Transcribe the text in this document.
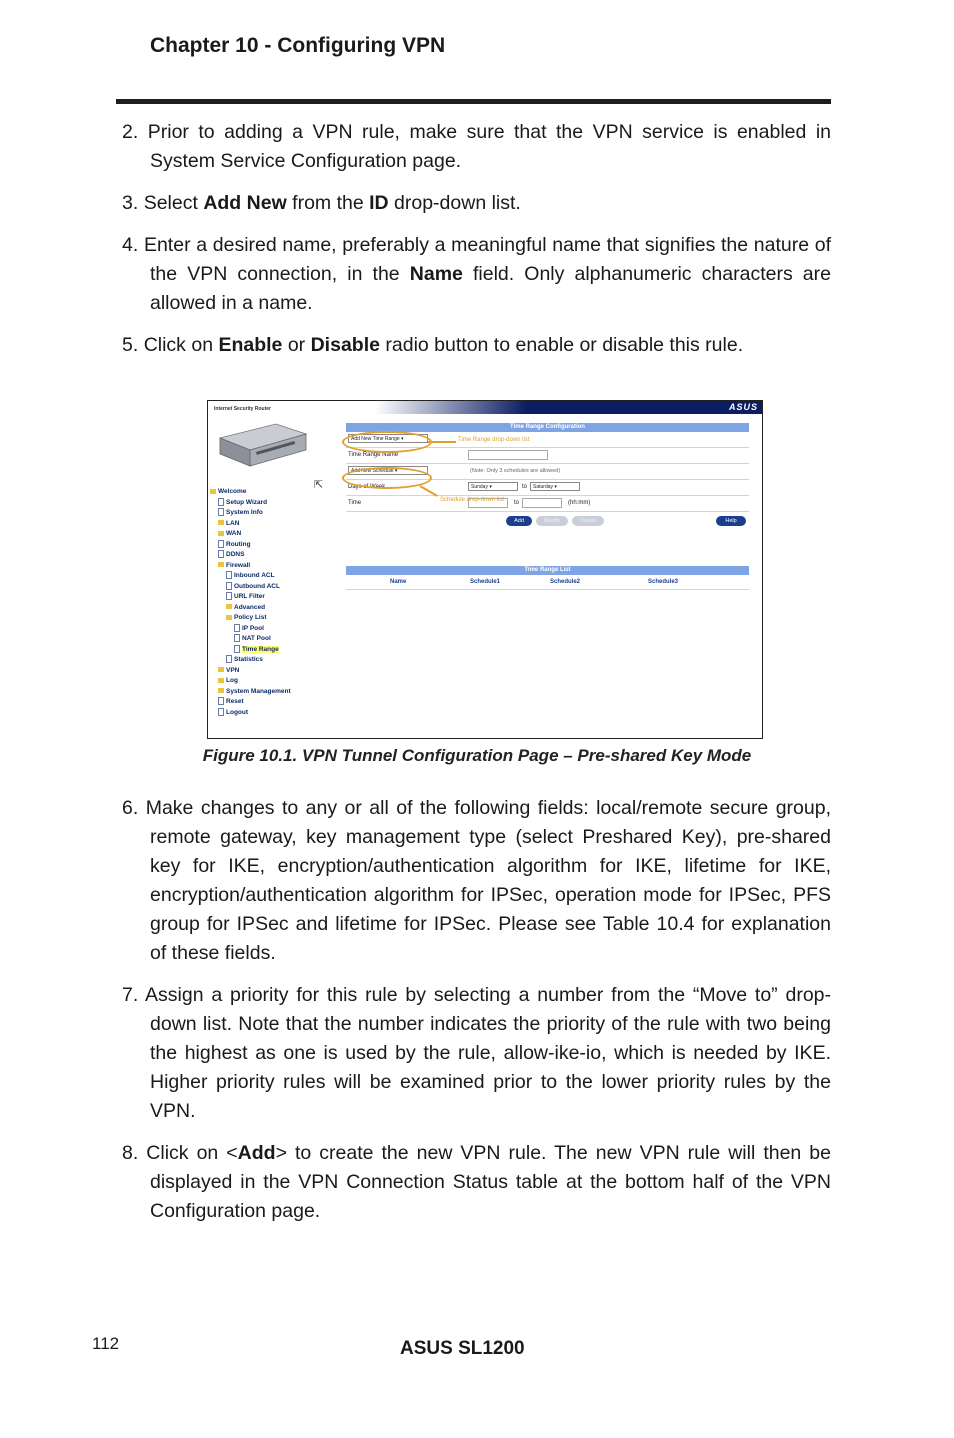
Chapter 10 - Configuring VPN

2. Prior to adding a VPN rule, make sure that the VPN service is enabled in System Service Configuration page.

3. Select Add New from the ID drop-down list.

4. Enter a desired name, preferably a meaningful name that signifies the nature of the VPN connection, in the Name field. Only alphanumeric characters are allowed in a name.

5. Click on Enable or Disable radio button to enable or disable this rule.

Internet Security Router
⇱
Welcome
Setup Wizard
System Info
LAN
WAN
Routing
DDNS
Firewall
Inbound ACL
Outbound ACL
URL Filter
Advanced
Policy List
IP Pool
NAT Pool
Time Range
Statistics
VPN
Log
System Management
Reset
Logout
ASUS
Time Range Configuration
Add New Time Range ▾
Time Range Name
Add New Schedule ▾	(Note: Only 3 schedules are allowed)
Days of Week	Sunday ▾	to	Saturday ▾
Time	to	(hh:mm)
Add	Modify	Delete	Help
Time Range drop-down list
Schedule drop-down list
Time Range List
Name	Schedule1	Schedule2	Schedule3
Figure 10.1. VPN Tunnel Configuration Page – Pre-shared Key Mode

6. Make changes to any or all of the following fields: local/remote secure group, remote gateway, key management type (select Preshared Key), pre-shared key for IKE, encryption/authentication algorithm for IKE, lifetime for IKE, encryption/authentication algorithm for IPSec, operation mode for IPSec, PFS group for IPSec and lifetime for IPSec. Please see Table 10.4 for explanation of these fields.

7. Assign a priority for this rule by selecting a number from the “Move to” drop-down list. Note that the number indicates the priority of the rule with two being the highest as one is used by the rule, allow-ike-io, which is needed by IKE. Higher priority rules will be examined prior to the lower priority rules by the VPN.

8. Click on <Add> to create the new VPN rule. The new VPN rule will then be displayed in the VPN Connection Status table at the bottom half of the VPN Configuration page.

112	ASUS SL1200
